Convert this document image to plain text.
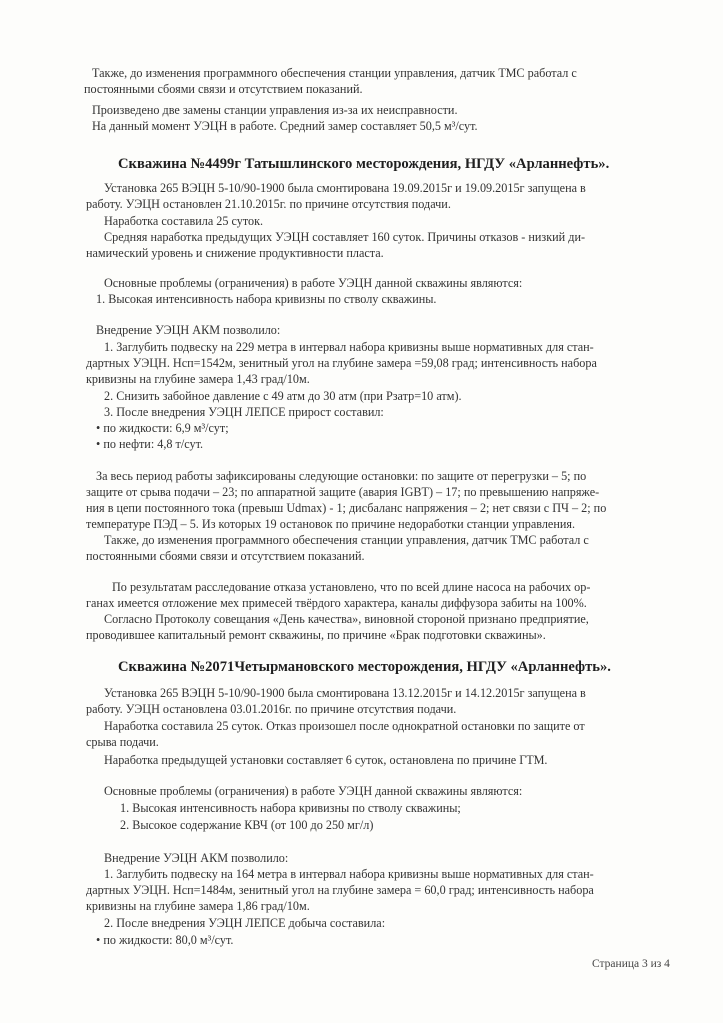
Также, до изменения программного обеспечения станции управления, датчик ТМС работал с
постоянными сбоями связи и отсутствием показаний.
Произведено две замены станции управления из-за их неисправности.
На данный момент УЭЦН в работе. Средний замер составляет 50,5 м³/сут.
Скважина №4499г Татышлинского месторождения, НГДУ «Арланнефть».
Установка 265 ВЭЦН 5-10/90-1900 была смонтирована 19.09.2015г и 19.09.2015г запущена в
работу. УЭЦН остановлен 21.10.2015г. по причине отсутствия подачи.
Наработка составила 25 суток.
Средняя наработка предыдущих УЭЦН составляет 160 суток. Причины отказов - низкий ди-
намический уровень и снижение продуктивности пласта.
Основные проблемы (ограничения) в работе УЭЦН данной скважины являются:
1. Высокая интенсивность набора кривизны по стволу скважины.
Внедрение УЭЦН АКМ позволило:
1. Заглубить подвеску на 229 метра в интервал набора кривизны выше нормативных для стан-
дартных УЭЦН. Hсп=1542м, зенитный угол на глубине замера =59,08 град; интенсивность набора
кривизны на глубине замера 1,43 град/10м.
2. Снизить забойное давление с 49 атм до 30 атм (при Pзатр=10 атм).
3. После внедрения УЭЦН ЛЕПСЕ прирост составил:
• по жидкости: 6,9 м³/сут;
• по нефти: 4,8 т/сут.
За весь период работы зафиксированы следующие остановки: по защите от перегрузки – 5; по
защите от срыва подачи – 23; по аппаратной защите (авария IGBT) – 17; по превышению напряже-
ния в цепи постоянного тока (превыш Udmax) - 1; дисбаланс напряжения – 2; нет связи с ПЧ – 2; по
температуре ПЭД – 5. Из которых 19 остановок по причине недоработки станции управления.
Также, до изменения программного обеспечения станции управления, датчик ТМС работал с
постоянными сбоями связи и отсутствием показаний.
По результатам расследование отказа установлено, что по всей длине насоса на рабочих ор-
ганах имеется отложение мех примесей твёрдого характера, каналы диффузора забиты на 100%.
Согласно Протоколу совещания «День качества», виновной стороной признано предприятие,
проводившее капитальный ремонт скважины, по причине «Брак подготовки скважины».
Скважина №2071Четырмановского месторождения, НГДУ «Арланнефть».
Установка 265 ВЭЦН 5-10/90-1900 была смонтирована 13.12.2015г и 14.12.2015г запущена в
работу. УЭЦН остановлена 03.01.2016г. по причине отсутствия подачи.
Наработка составила 25 суток. Отказ произошел после однократной остановки по защите от
срыва подачи.
Наработка предыдущей установки составляет 6 суток, остановлена по причине ГТМ.
Основные проблемы (ограничения) в работе УЭЦН данной скважины являются:
1. Высокая интенсивность набора кривизны по стволу скважины;
2. Высокое содержание КВЧ (от 100 до 250 мг/л)
Внедрение УЭЦН АКМ позволило:
1. Заглубить подвеску на 164 метра в интервал набора кривизны выше нормативных для стан-
дартных УЭЦН. Hсп=1484м, зенитный угол на глубине замера = 60,0 град; интенсивность набора
кривизны на глубине замера 1,86 град/10м.
2. После внедрения УЭЦН ЛЕПСЕ добыча составила:
• по жидкости: 80,0 м³/сут.
Страница 3 из 4
